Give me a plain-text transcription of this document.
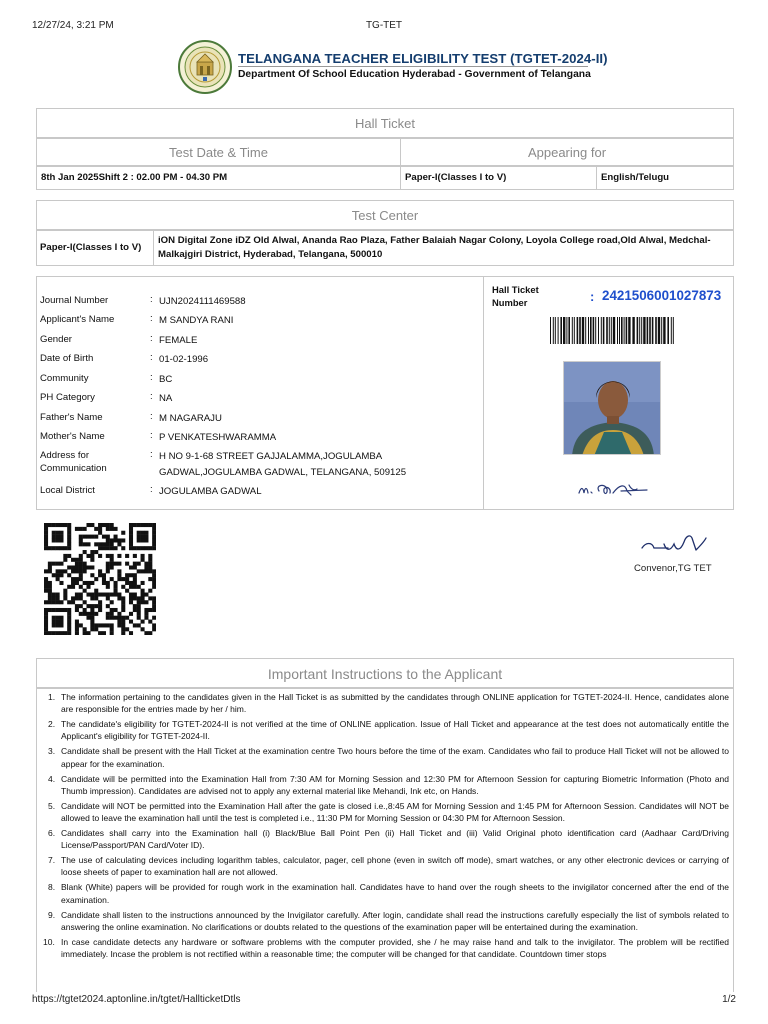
12/27/24, 3:21 PM	TG-TET
TELANGANA TEACHER ELIGIBILITY TEST (TGTET-2024-II)
Department Of School Education Hyderabad - Government of Telangana
Hall Ticket
Test Date & Time	Appearing for
8th Jan 2025Shift 2 : 02.00 PM - 04.30 PM	Paper-I(Classes I to V)	English/Telugu
Test Center
Paper-I(Classes I to V)
iON Digital Zone iDZ Old Alwal, Ananda Rao Plaza, Father Balaiah Nagar Colony, Loyola College road,Old Alwal, Medchal-Malkajgiri District, Hyderabad, Telangana, 500010
Journal Number	: UJN2024111469588
Applicant's Name	: M SANDYA RANI
Gender	: FEMALE
Date of Birth	: 01-02-1996
Community	: BC
PH Category	: NA
Father's Name	: M NAGARAJU
Mother's Name	: P VENKATESHWARAMMA
Address for Communication
: H NO 9-1-68 STREET GAJJALAMMA,JOGULAMBA GADWAL,JOGULAMBA GADWAL, TELANGANA, 509125
Local District	: JOGULAMBA GADWAL
Hall Ticket Number	: 2421506001027873
Convenor,TG TET
Important Instructions to the Applicant
1. The information pertaining to the candidates given in the Hall Ticket is as submitted by the candidates through ONLINE application for TGTET-2024-II. Hence, candidates alone are responsible for the entries made by her / him.
2. The candidate's eligibility for TGTET-2024-II is not verified at the time of ONLINE application. Issue of Hall Ticket and appearance at the test does not automatically entitle the Applicant's eligibility for TGTET-2024-II.
3. Candidate shall be present with the Hall Ticket at the examination centre Two hours before the time of the exam. Candidates who fail to produce Hall Ticket will not be allowed to appear for the examination.
4. Candidate will be permitted into the Examination Hall from 7:30 AM for Morning Session and 12:30 PM for Afternoon Session for capturing Biometric Information (Photo and Thumb impression). Candidates are advised not to apply any external material like Mehandi, Ink etc, on Hands.
5. Candidate will NOT be permitted into the Examination Hall after the gate is closed i.e.,8:45 AM for Morning Session and 1:45 PM for Afternoon Session. Candidates will NOT be allowed to leave the examination hall until the test is completed i.e., 11:30 PM for Morning Session or 04:30 PM for Afternoon Session.
6. Candidates shall carry into the Examination hall (i) Black/Blue Ball Point Pen (ii) Hall Ticket and (iii) Valid Original photo identification card (Aadhaar Card/Driving License/Passport/PAN Card/Voter ID).
7. The use of calculating devices including logarithm tables, calculator, pager, cell phone (even in switch off mode), smart watches, or any other electronic devices or carrying of loose sheets of paper to examination hall are not allowed.
8. Blank (White) papers will be provided for rough work in the examination hall. Candidates have to hand over the rough sheets to the invigilator concerned after the end of the examination.
9. Candidate shall listen to the instructions announced by the Invigilator carefully. After login, candidate shall read the instructions carefully especially the list of symbols related to answering the online examination. No clarifications or doubts related to the questions of the examination paper will be entertained during the examination.
10. In case candidate detects any hardware or software problems with the computer provided, she / he may raise hand and talk to the invigilator. The problem will be rectified immediately. Incase the problem is not rectified within a reasonable time; the computer will be changed for that candidate. Countdown timer stops
https://tgtet2024.aptonline.in/tgtet/HallticketDtls	1/2
